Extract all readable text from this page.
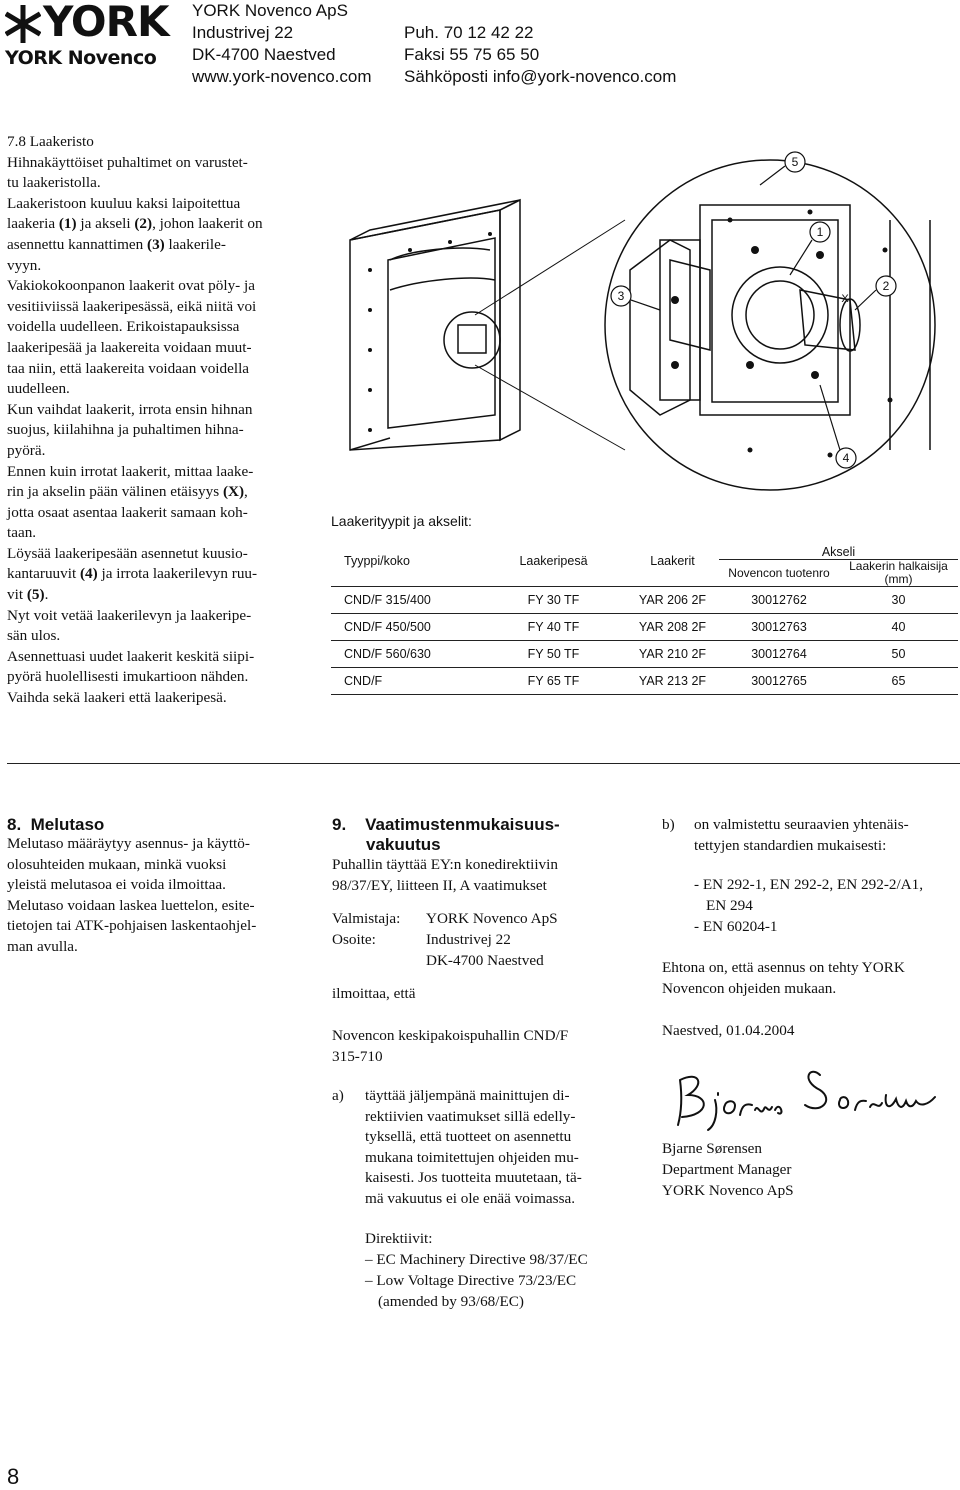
YORK
YORK Novenco
YORK Novenco ApS
Industrivej 22
DK-4700 Naestved
www.york-novenco.com
Puh. 70 12 42 22
Faksi 55 75 65 50
Sähköposti info@york-novenco.com

7.8 Laakeristo

Hihnakäyttöiset puhaltimet on varustet-
tu laakeristolla.
Laakeristoon kuuluu kaksi laipoitettua
laakeria (1) ja akseli (2), johon laakerit on
asennettu kannattimen (3) laakerile-
vyyn.
Vakiokokoonpanon laakerit ovat pöly- ja
vesitiiviissä laakeripesässä, eikä niitä voi
voidella uudelleen. Erikoistapauksissa
laakeripesää ja laakereita voidaan muut-
taa niin, että laakereita voidaan voidella
uudelleen.
Kun vaihdat laakerit, irrota ensin hihnan
suojus, kiilahihna ja puhaltimen hihna-
pyörä.
Ennen kuin irrotat laakerit, mittaa laake-
rin ja akselin pään välinen etäisyys (X),
jotta osaat asentaa laakerit samaan koh-
taan.
Löysää laakeripesään asennetut kuusio-
kantaruuvit (4) ja irrota laakerilevyn ruu-
vit (5).
Nyt voit vetää laakerilevyn ja laakeripe-
sän ulos.
Asennettuasi uudet laakerit keskitä siipi-
pyörä huolellisesti imukartioon nähden.
Vaihda sekä laakeri että laakeripesä.
5
1
2
3
4
X
Laakerityypit ja akselit:
Tyyppi/koko	Laakeripesä	Laakerit	Akseli	
			Novencon tuotenro	Laakerin halkaisija (mm)
CND/F 315/400	FY 30 TF	YAR 206 2F	30012762	30
CND/F 450/500	FY 40 TF	YAR 208 2F	30012763	40
CND/F 560/630	FY 50 TF	YAR 210 2F	30012764	50
CND/F	FY 65 TF	YAR 213 2F	30012765	65
8. Melutaso
Melutaso määräytyy asennus- ja käyttö-
olosuhteiden mukaan, minkä vuoksi
yleistä melutasoa ei voida ilmoittaa.
Melutaso voidaan laskea luettelon, esite-
tietojen tai ATK-pohjaisen laskentaohjel-
man avulla.
9. Vaatimustenmukaisuus-
vakuutus

Puhallin täyttää EY:n konedirektiivin

98/37/EY, liitteen II, A vaatimukset

Valmistaja: YORK Novenco ApS
Osoite:	Industrivej 22
DK-4700 Naestved
ilmoittaa, että

Novencon keskipakoispuhallin CND/F

315-710

a) täyttää jäljempänä mainittujen di-
rektiivien vaatimukset sillä edelly-
tyksellä, että tuotteet on asennettu
mukana toimitettujen ohjeiden mu-
kaisesti. Jos tuotteita muutetaan, tä-
mä vakuutus ei ole enää voimassa.
Direktiivit:
– EC Machinery Directive 98/37/EC
– Low Voltage Directive 73/23/EC
(amended by 93/68/EC)
b) on valmistettu seuraavien yhtenäis-

tettyjen standardien mukaisesti:

- EN 292-1, EN 292-2, EN 292-2/A1,
EN 294
- EN 60204-1

Ehtona on, että asennus on tehty YORK

Novencon ohjeiden mukaan.

Naestved, 01.04.2004
Bjarne Sørensen
Department Manager
YORK Novenco ApS
8
